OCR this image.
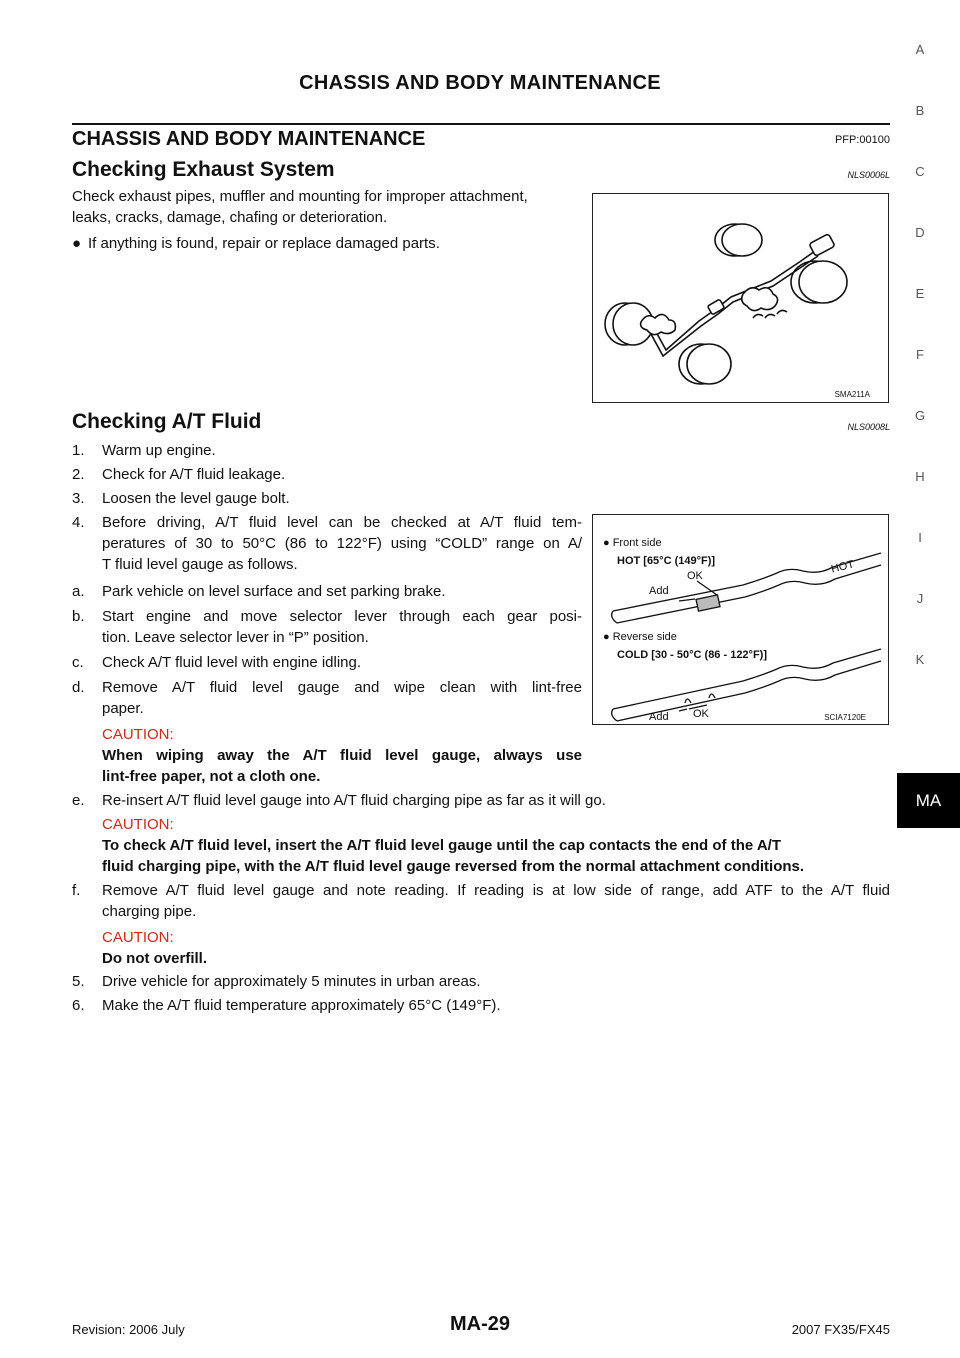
CHASSIS AND BODY MAINTENANCE
CHASSIS AND BODY MAINTENANCE	PFP:00100
Checking Exhaust System	NLS0006L
Check exhaust pipes, muffler and mounting for improper attachment,
leaks, cracks, damage, chafing or deterioration.
● If anything is found, repair or replace damaged parts.
SMA211A
Checking A/T Fluid	NLS0008L
1. Warm up engine.
2. Check for A/T fluid leakage.
3. Loosen the level gauge bolt.
4. Before driving, A/T fluid level can be checked at A/T fluid tem-
peratures of 30 to 50°C (86 to 122°F) using “COLD” range on A/
T fluid level gauge as follows.
a. Park vehicle on level surface and set parking brake.
b. Start engine and move selector lever through each gear posi-
tion. Leave selector lever in “P” position.
c. Check A/T fluid level with engine idling.
d. Remove A/T fluid level gauge and wipe clean with lint-free
paper.
CAUTION:
When wiping away the A/T fluid level gauge, always use
lint-free paper, not a cloth one.
e. Re-insert A/T fluid level gauge into A/T fluid charging pipe as far as it will go.
CAUTION:
To check A/T fluid level, insert the A/T fluid level gauge until the cap contacts the end of the A/T
fluid charging pipe, with the A/T fluid level gauge reversed from the normal attachment conditions.
f. Remove A/T fluid level gauge and note reading. If reading is at low side of range, add ATF to the A/T fluid
charging pipe.
CAUTION:
Do not overfill.
5. Drive vehicle for approximately 5 minutes in urban areas.
6. Make the A/T fluid temperature approximately 65°C (149°F).
● Front side
HOT [65°C (149°F)]
Add
OK
HOT
● Reverse side
COLD [30 - 50°C (86 - 122°F)]
Add OK	SCIA7120E
A
B
C
D
E
F
G
H
I
J
K
MA
Revision: 2006 July	MA-29	2007 FX35/FX45
